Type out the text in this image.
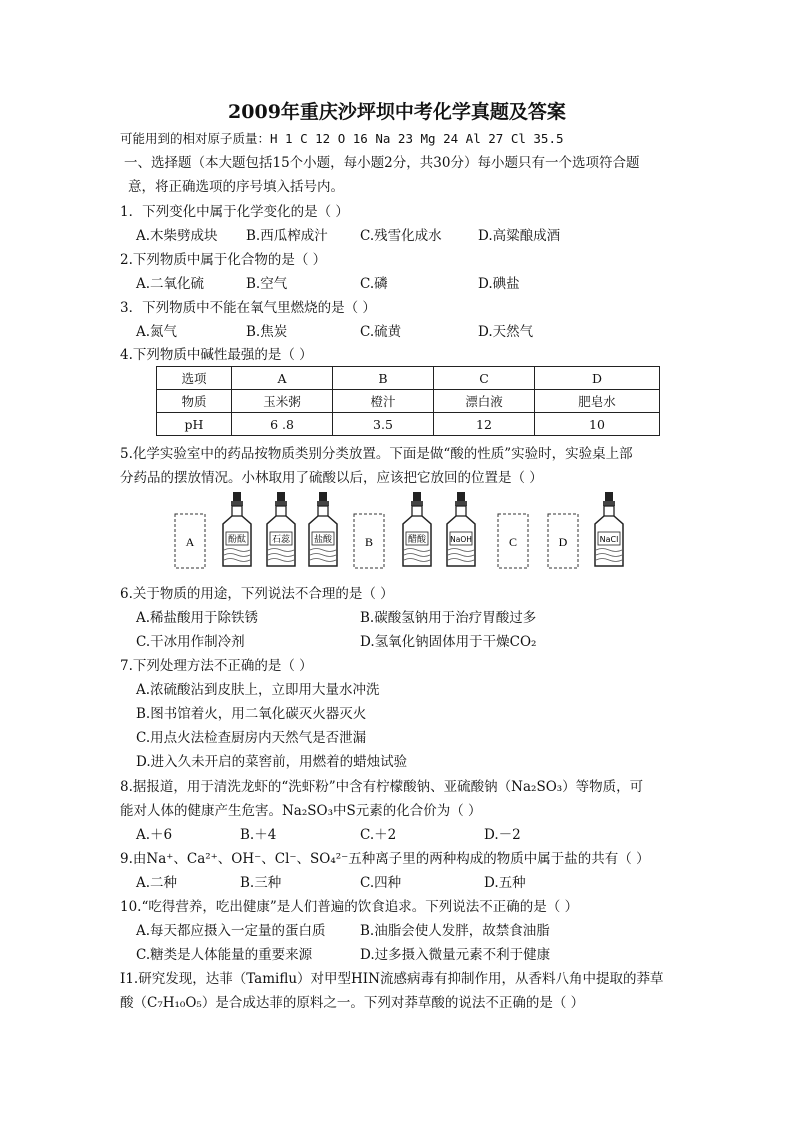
2009年重庆沙坪坝中考化学真题及答案
可能用到的相对原子质量：H 1 C 12 O 16 Na 23 Mg 24 Al 27 Cl 35.5
一、选择题（本大题包括15个小题，每小题2分，共30分）每小题只有一个选项符合题
意，将正确选项的序号填入括号内。
1．下列变化中属于化学变化的是（ ）
A.木柴劈成块 B.西瓜榨成汁 C.残雪化成水	D.高粱酿成酒
2.下列物质中属于化合物的是（ ）
A.二氧化硫	B.空气	C.磷	D.碘盐
3．下列物质中不能在氧气里燃烧的是（ ）
A.氮气	B.焦炭	C.硫黄	D.天然气
4.下列物质中碱性最强的是（ ）
选项	A	B	C	D
物质	玉米粥	橙汁	漂白液	肥皂水
pH	6 .8	3.5	12	10
5.化学实验室中的药品按物质类别分类放置。下面是做“酸的性质”实验时，实验桌上部
分药品的摆放情况。小林取用了硫酸以后，应该把它放回的位置是（ ）
A	酚酞	石蕊	盐酸	B	醋酸	NaOH	C	D	NaCl
6.关于物质的用途，下列说法不合理的是（ ）
A.稀盐酸用于除铁锈	B.碳酸氢钠用于治疗胃酸过多
C.干冰用作制冷剂	D.氢氧化钠固体用于干燥CO₂
7.下列处理方法不正确的是（ ）
A.浓硫酸沾到皮肤上，立即用大量水冲洗
B.图书馆着火，用二氧化碳灭火器灭火
C.用点火法检查厨房内天然气是否泄漏
D.进入久未开启的菜窖前，用燃着的蜡烛试验
8.据报道，用于清洗龙虾的“洗虾粉”中含有柠檬酸钠、亚硫酸钠（Na₂SO₃）等物质，可
能对人体的健康产生危害。Na₂SO₃中S元素的化合价为（ ）
A.＋6	B.＋4	C.＋2	D.－2
9.由Na⁺、Ca²⁺、OH⁻、Cl⁻、SO₄²⁻五种离子里的两种构成的物质中属于盐的共有（ ）
A.二种	B.三种	C.四种	D.五种
10.“吃得营养，吃出健康”是人们普遍的饮食追求。下列说法不正确的是（ ）
A.每天都应摄入一定量的蛋白质	B.油脂会使人发胖，故禁食油脂
C.糖类是人体能量的重要来源	D.过多摄入微量元素不利于健康
I1.研究发现，达菲（Tamiflu）对甲型HIN流感病毒有抑制作用，从香料八角中提取的莽草
酸（C₇H₁₀O₅）是合成达菲的原料之一。下列对莽草酸的说法不正确的是（ ）
